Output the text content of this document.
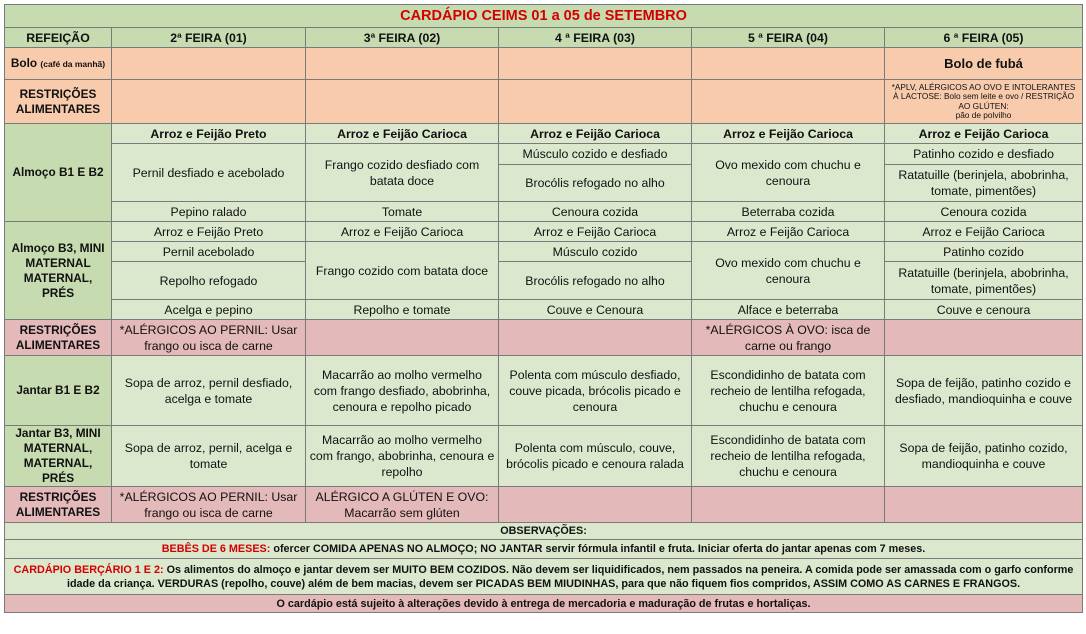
CARDÁPIO CEIMS 01 a 05 de SETEMBRO					
REFEIÇÃO	2ª FEIRA (01)	3ª FEIRA (02)	4 ª FEIRA (03)	5 ª FEIRA (04)	6 ª FEIRA (05)
Bolo (café da manhã)					Bolo de fubá
RESTRIÇÕES ALIMENTARES					*APLV, ALÉRGICOS AO OVO E INTOLERANTES À LACTOSE: Bolo sem leite e ovo / RESTRIÇÃO AO GLÚTEN:
pão de polvilho

Almoço B1 E B2	Arroz e Feijão Preto	Arroz e Feijão Carioca	Arroz e Feijão Carioca	Arroz e Feijão Carioca	Arroz e Feijão Carioca
	Pernil desfiado e acebolado	Frango cozido desfiado com batata doce	Músculo cozido e desfiado	Ovo mexido com chuchu e cenoura	Patinho cozido e desfiado
			Brocólis refogado no alho		Ratatuille (berinjela, abobrinha, tomate, pimentões)
	Pepino ralado	Tomate	Cenoura cozida	Beterraba cozida	Cenoura cozida
Almoço B3, MINI MATERNAL MATERNAL, PRÉS	Arroz e Feijão Preto	Arroz e Feijão Carioca	Arroz e Feijão Carioca	Arroz e Feijão Carioca	Arroz e Feijão Carioca
	Pernil acebolado	Frango cozido com batata doce	Músculo cozido	Ovo mexido com chuchu e cenoura	Patinho cozido
	Repolho refogado		Brocólis refogado no alho		Ratatuille (berinjela, abobrinha, tomate, pimentões)
	Acelga e pepino	Repolho e tomate	Couve e Cenoura	Alface e beterraba	Couve e cenoura
RESTRIÇÕES ALIMENTARES	*ALÉRGICOS AO PERNIL: Usar frango ou isca de carne			*ALÉRGICOS À OVO: isca de carne ou frango	
Jantar B1 E B2	Sopa de arroz, pernil desfiado, acelga e tomate	Macarrão ao molho vermelho com frango desfiado, abobrinha, cenoura e repolho picado	Polenta com músculo desfiado, couve picada, brócolis picado e cenoura	Escondidinho de batata com recheio de lentilha refogada, chuchu e cenoura	Sopa de feijão, patinho cozido e desfiado, mandioquinha e couve
Jantar B3, MINI MATERNAL, MATERNAL, PRÉS	Sopa de arroz, pernil, acelga e tomate	Macarrão ao molho vermelho com frango, abobrinha, cenoura e repolho	Polenta com músculo, couve, brócolis picado e cenoura ralada	Escondidinho de batata com recheio de lentilha refogada, chuchu e cenoura	Sopa de feijão, patinho cozido, mandioquinha e couve
RESTRIÇÕES ALIMENTARES	*ALÉRGICOS AO PERNIL: Usar frango ou isca de carne	ALÉRGICO A GLÚTEN E OVO: Macarrão sem glúten			
OBSERVAÇÕES:					
BEBÊS DE 6 MESES: ofercer COMIDA APENAS NO ALMOÇO; NO JANTAR servir fórmula infantil e fruta. Iniciar oferta do jantar apenas com 7 meses.					
CARDÁPIO BERÇÁRIO 1 E 2: Os alimentos do almoço e jantar devem ser MUITO BEM COZIDOS. Não devem ser liquidificados, nem passados na peneira. A comida pode ser amassada com o garfo conforme idade da criança. VERDURAS (repolho, couve) além de bem macias, devem ser PICADAS BEM MIUDINHAS, para que não fiquem fios compridos, ASSIM COMO AS CARNES E FRANGOS.					
O cardápio está sujeito à alterações devido à entrega de mercadoria e maduração de frutas e hortaliças.					
